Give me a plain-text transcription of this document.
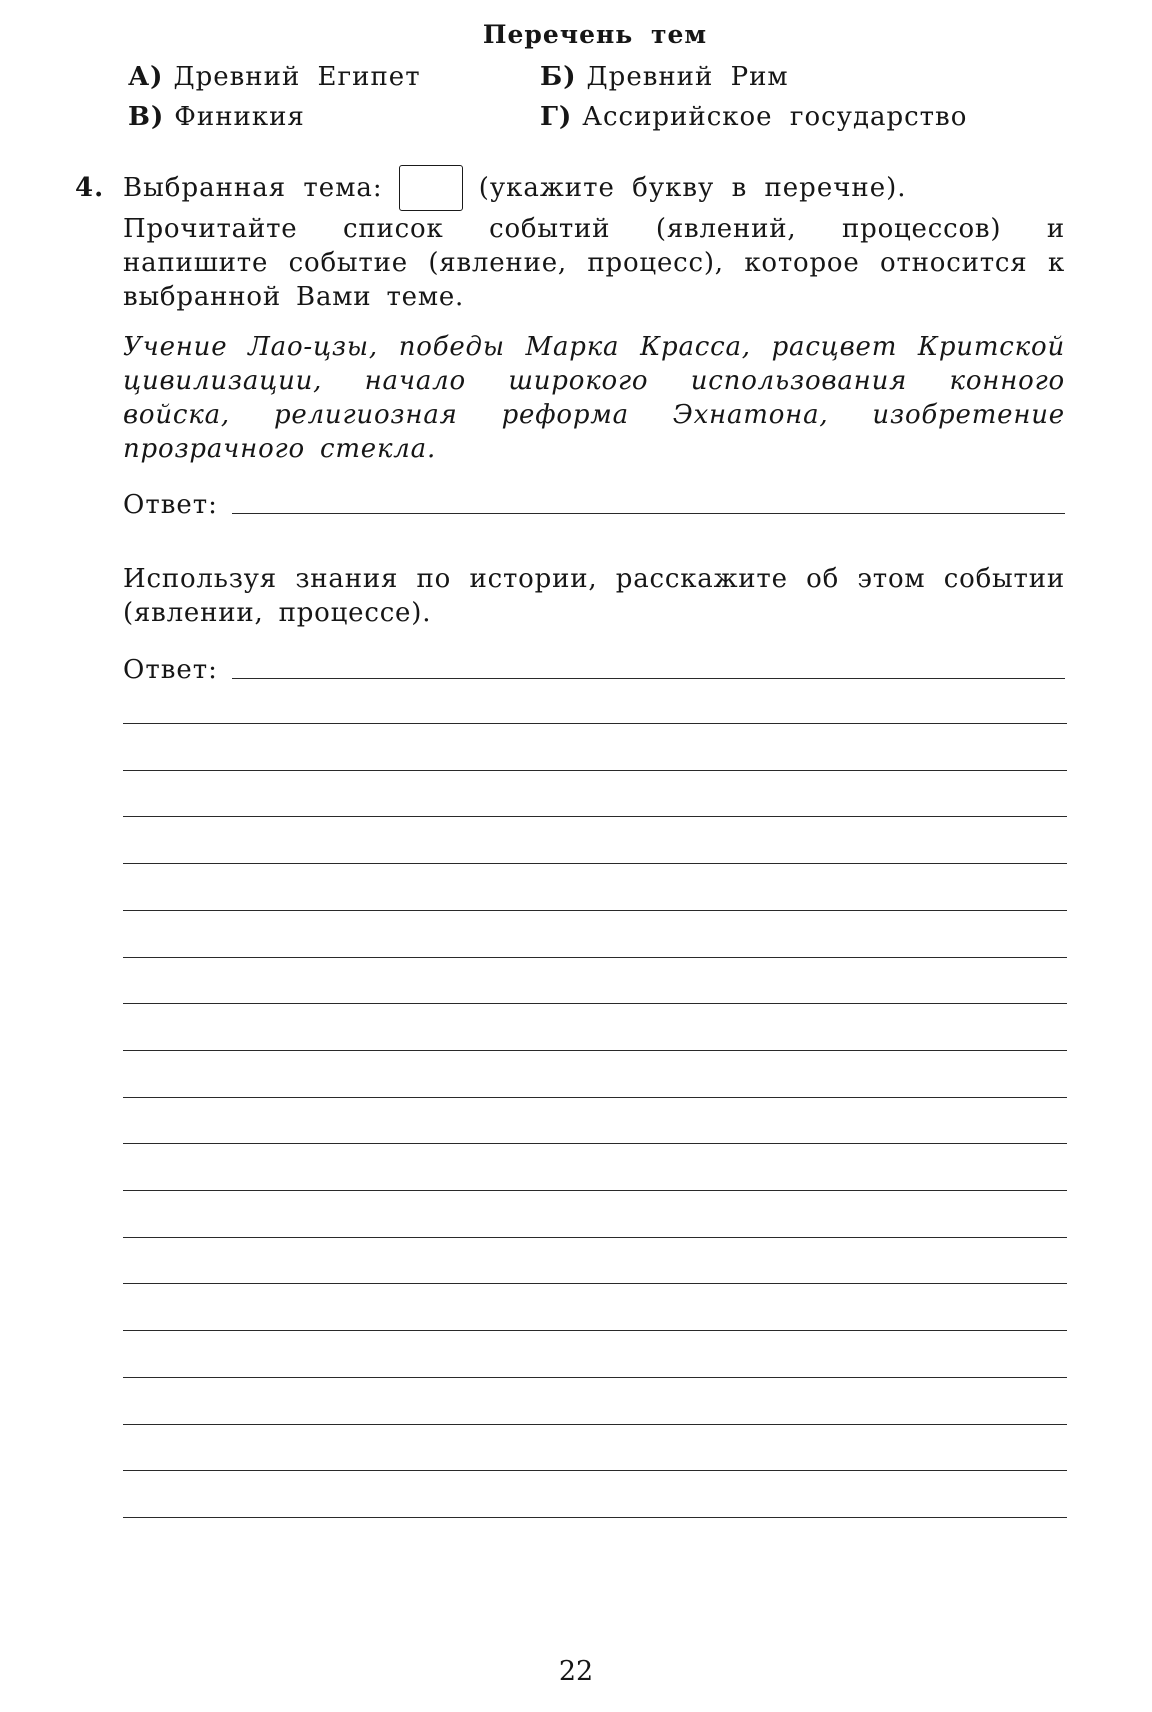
Перечень тем
А) Древний Египет	Б) Древний Рим
В) Финикия	Г) Ассирийское государство
4. Выбранная тема:	(укажите букву в перечне).
Прочитайте список событий (явлений, процессов) и напишите событие (явление, процесс), которое относится к выбранной Вами теме.
Учение Лао-цзы, победы Марка Красса, расцвет Критской цивилизации, начало широкого использования конного войска, религиозная реформа Эхнатона, изобретение прозрачного стекла.
Ответ:
Используя знания по истории, расскажите об этом событии (явлении, процессе).
Ответ:
22
